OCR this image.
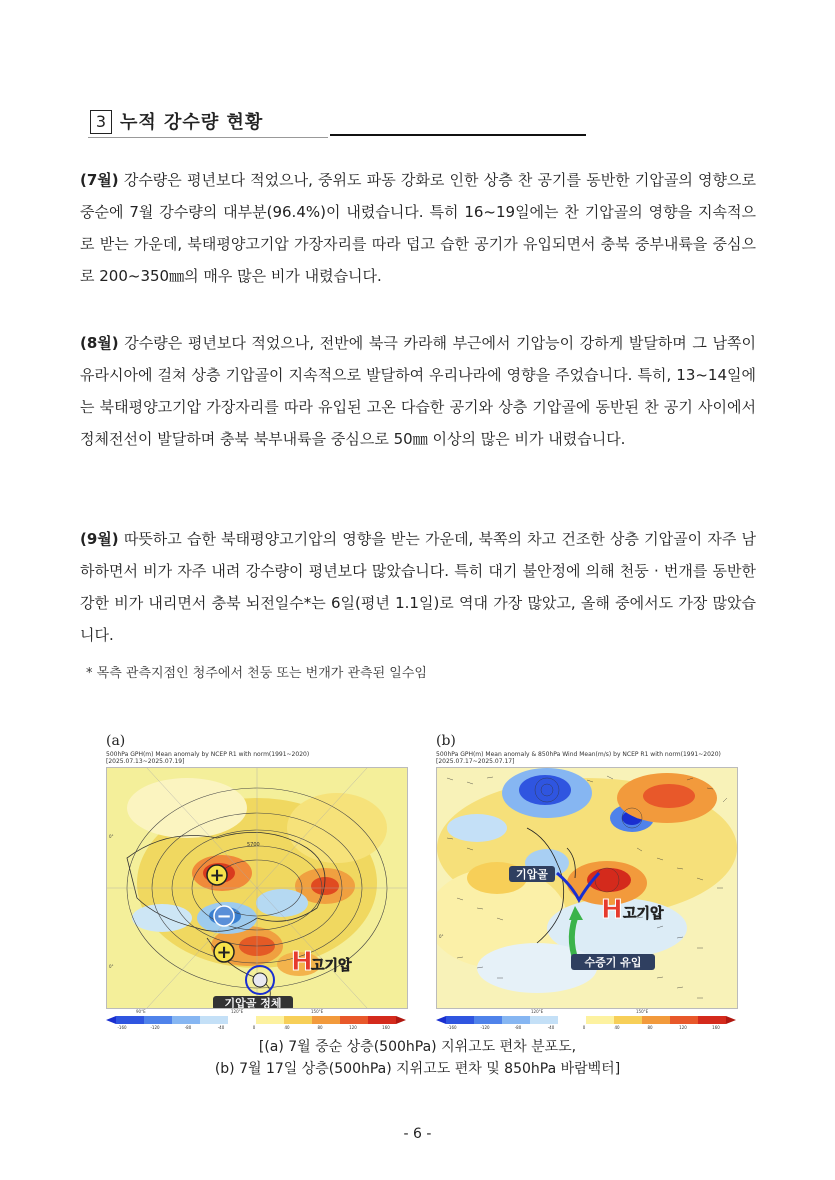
3 누적 강수량 현황
(7월) 강수량은 평년보다 적었으나, 중위도 파동 강화로 인한 상층 찬 공기를 동반한 기압골의 영향으로 중순에 7월 강수량의 대부분(96.4%)이 내렸습니다. 특히 16~19일에는 찬 기압골의 영향을 지속적으로 받는 가운데, 북태평양고기압 가장자리를 따라 덥고 습한 공기가 유입되면서 충북 중부내륙을 중심으로 200~350㎜의 매우 많은 비가 내렸습니다.
(8월) 강수량은 평년보다 적었으나, 전반에 북극 카라해 부근에서 기압능이 강하게 발달하며 그 남쪽이 유라시아에 걸쳐 상층 기압골이 지속적으로 발달하여 우리나라에 영향을 주었습니다. 특히, 13~14일에는 북태평양고기압 가장자리를 따라 유입된 고온 다습한 공기와 상층 기압골에 동반된 찬 공기 사이에서 정체전선이 발달하며 충북 북부내륙을 중심으로 50㎜ 이상의 많은 비가 내렸습니다.
(9월) 따뜻하고 습한 북태평양고기압의 영향을 받는 가운데, 북쪽의 차고 건조한 상층 기압골이 자주 남하하면서 비가 자주 내려 강수량이 평년보다 많았습니다. 특히 대기 불안정에 의해 천둥 · 번개를 동반한 강한 비가 내리면서 충북 뇌전일수*는 6일(평년 1.1일)로 역대 가장 많았고, 올해 중에서도 가장 많았습니다.
* 목측 관측지점인 청주에서 천둥 또는 번개가 관측된 일수임
(a)
500hPa GPH(m) Mean anomaly by NCEP R1 with norm(1991~2020)
[2025.07.13~2025.07.19]
5700
+
−
+ H
고기압
기압골 정체
0°
0°
90°E	120°E	150°E
-160	-120	-80	-40	0	40	80	120	160
(b)
500hPa GPH(m) Mean anomaly & 850hPa Wind Mean(m/s) by NCEP R1 with norm(1991~2020)
[2025.07.17~2025.07.17]
기압골
수증기 유입
H 고기압
0°
120°E	150°E
-160	-120	-80	-40	0	40	80	120	160
[(a) 7월 중순 상층(500hPa) 지위고도 편차 분포도,
(b) 7월 17일 상층(500hPa) 지위고도 편차 및 850hPa 바람벡터]
- 6 -
